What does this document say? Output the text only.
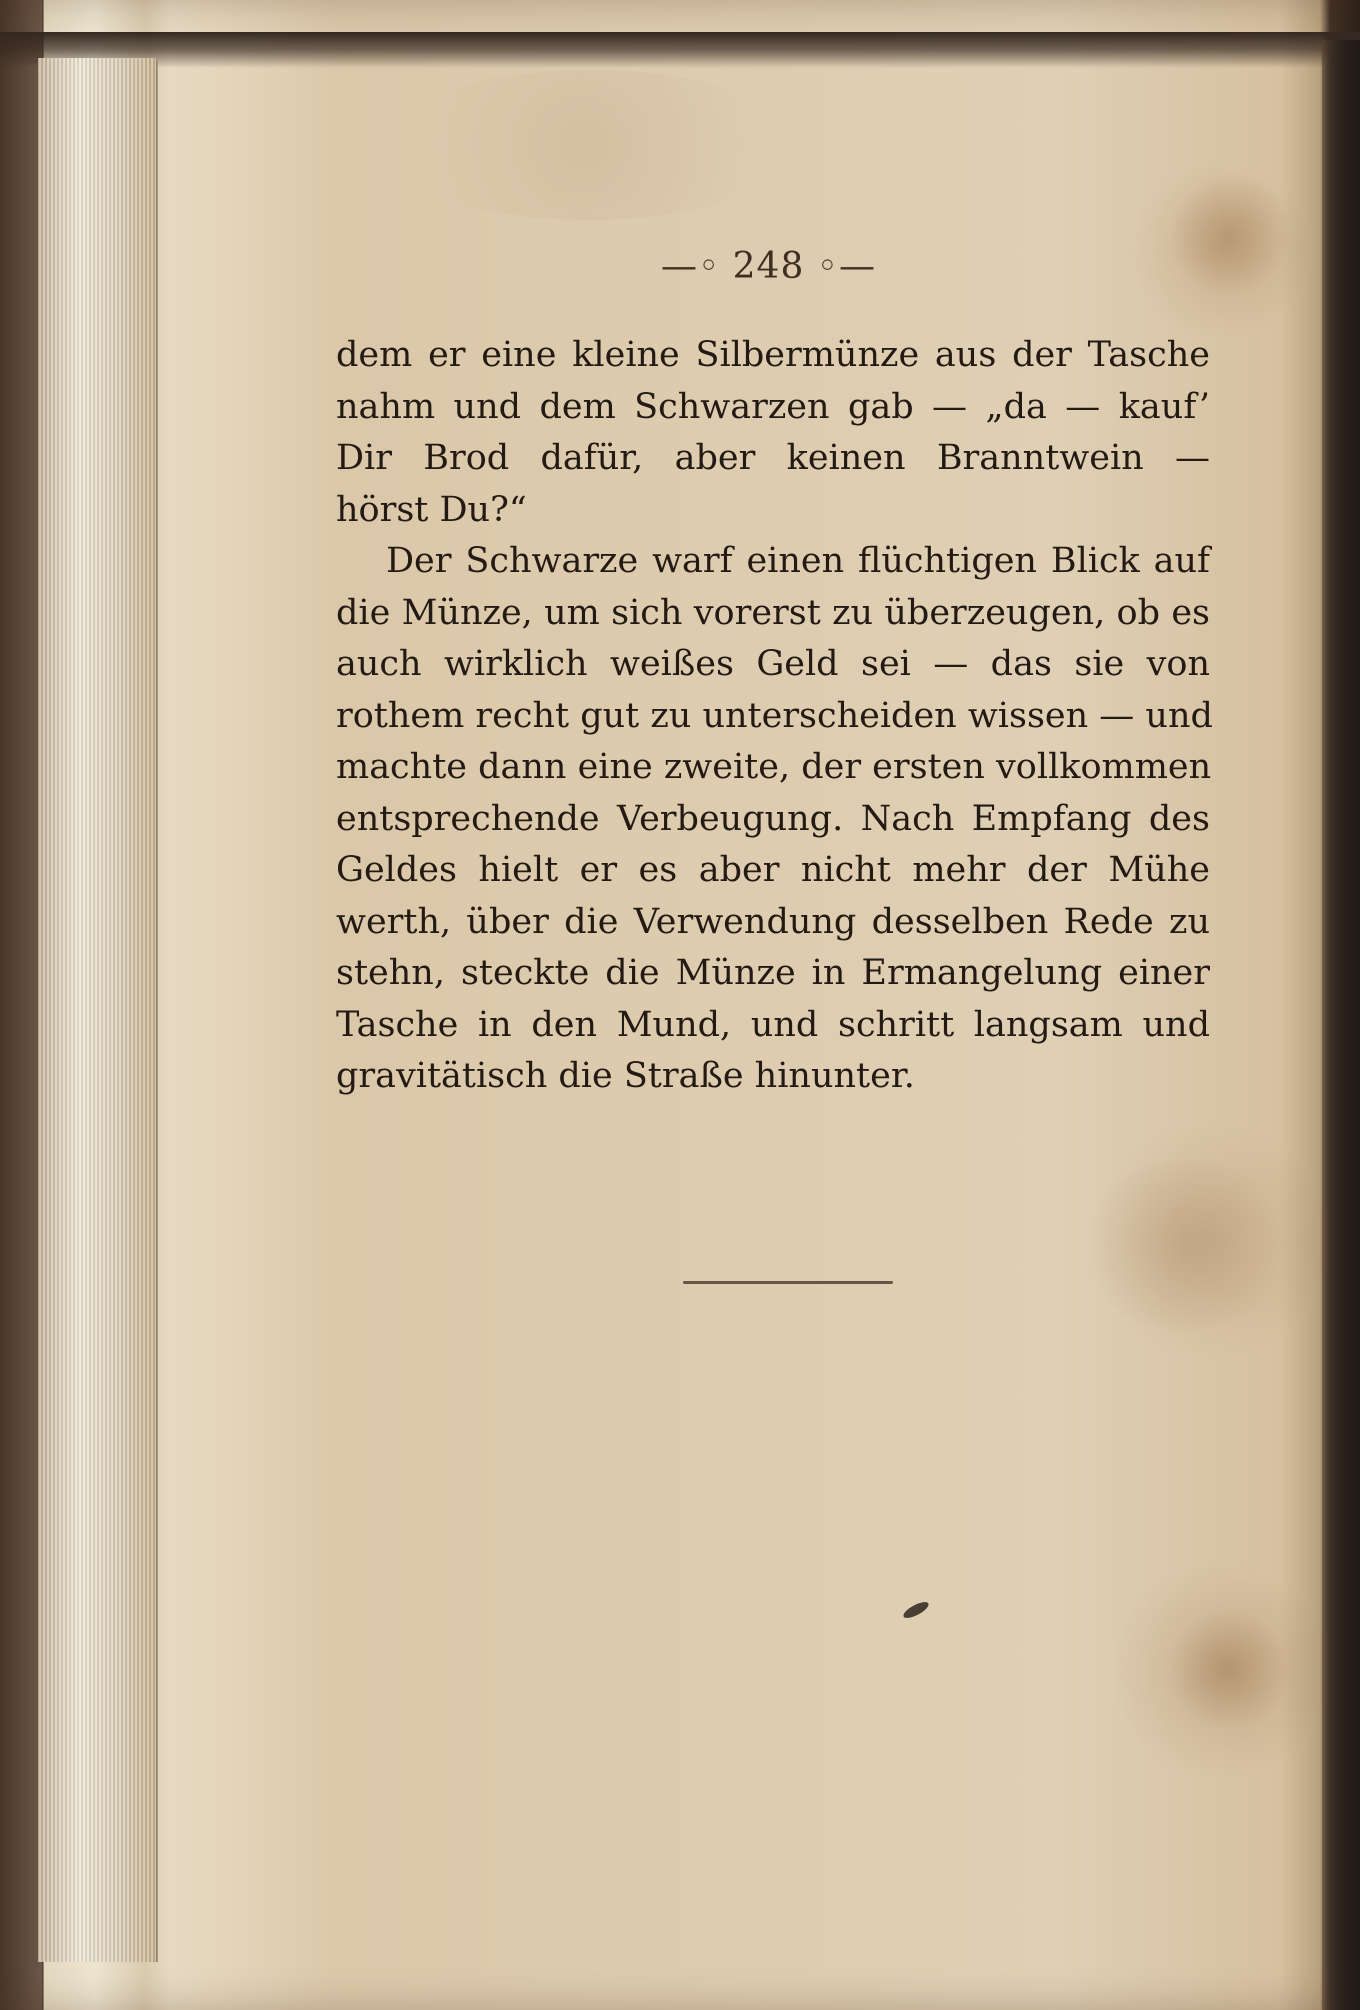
—◦ 248 ◦—
dem er eine kleine Silbermünze aus der Tasche
nahm und dem Schwarzen gab — „da — kauf’
Dir Brod dafür, aber keinen Branntwein —
hörst Du?“
Der Schwarze warf einen flüchtigen Blick auf
die Münze, um sich vorerst zu überzeugen, ob es
auch wirklich weißes Geld sei — das sie von
rothem recht gut zu unterscheiden wissen — und
machte dann eine zweite, der ersten vollkommen
entsprechende Verbeugung. Nach Empfang des
Geldes hielt er es aber nicht mehr der Mühe
werth, über die Verwendung desselben Rede zu
stehn, steckte die Münze in Ermangelung einer
Tasche in den Mund, und schritt langsam und
gravitätisch die Straße hinunter.
